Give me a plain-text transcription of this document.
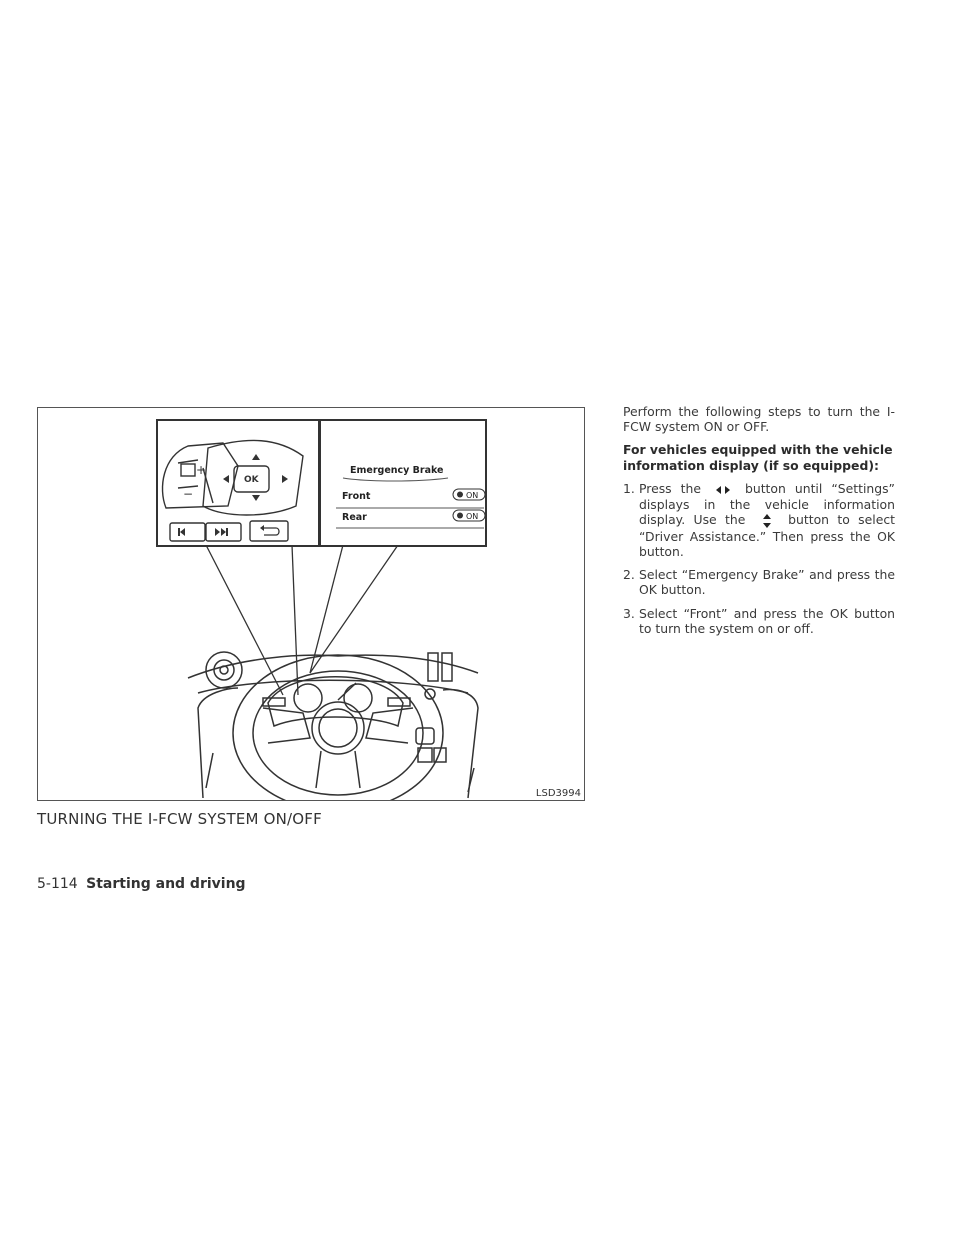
+
−
OK
Emergency Brake
Front
Rear
ON
ON
LSD3994
TURNING THE I-FCW SYSTEM ON/OFF

Perform the following steps to turn the I-FCW system ON or OFF.

For vehicles equipped with the vehicle information display (if so equipped):

1. Press the	button until “Settings” displays in the vehicle information display. Use the	button to select “Driver Assistance.” Then press the OK button.
2. Select “Emergency Brake” and press the OK button.
3. Select “Front” and press the OK button to turn the system on or off.
5-114 Starting and driving
